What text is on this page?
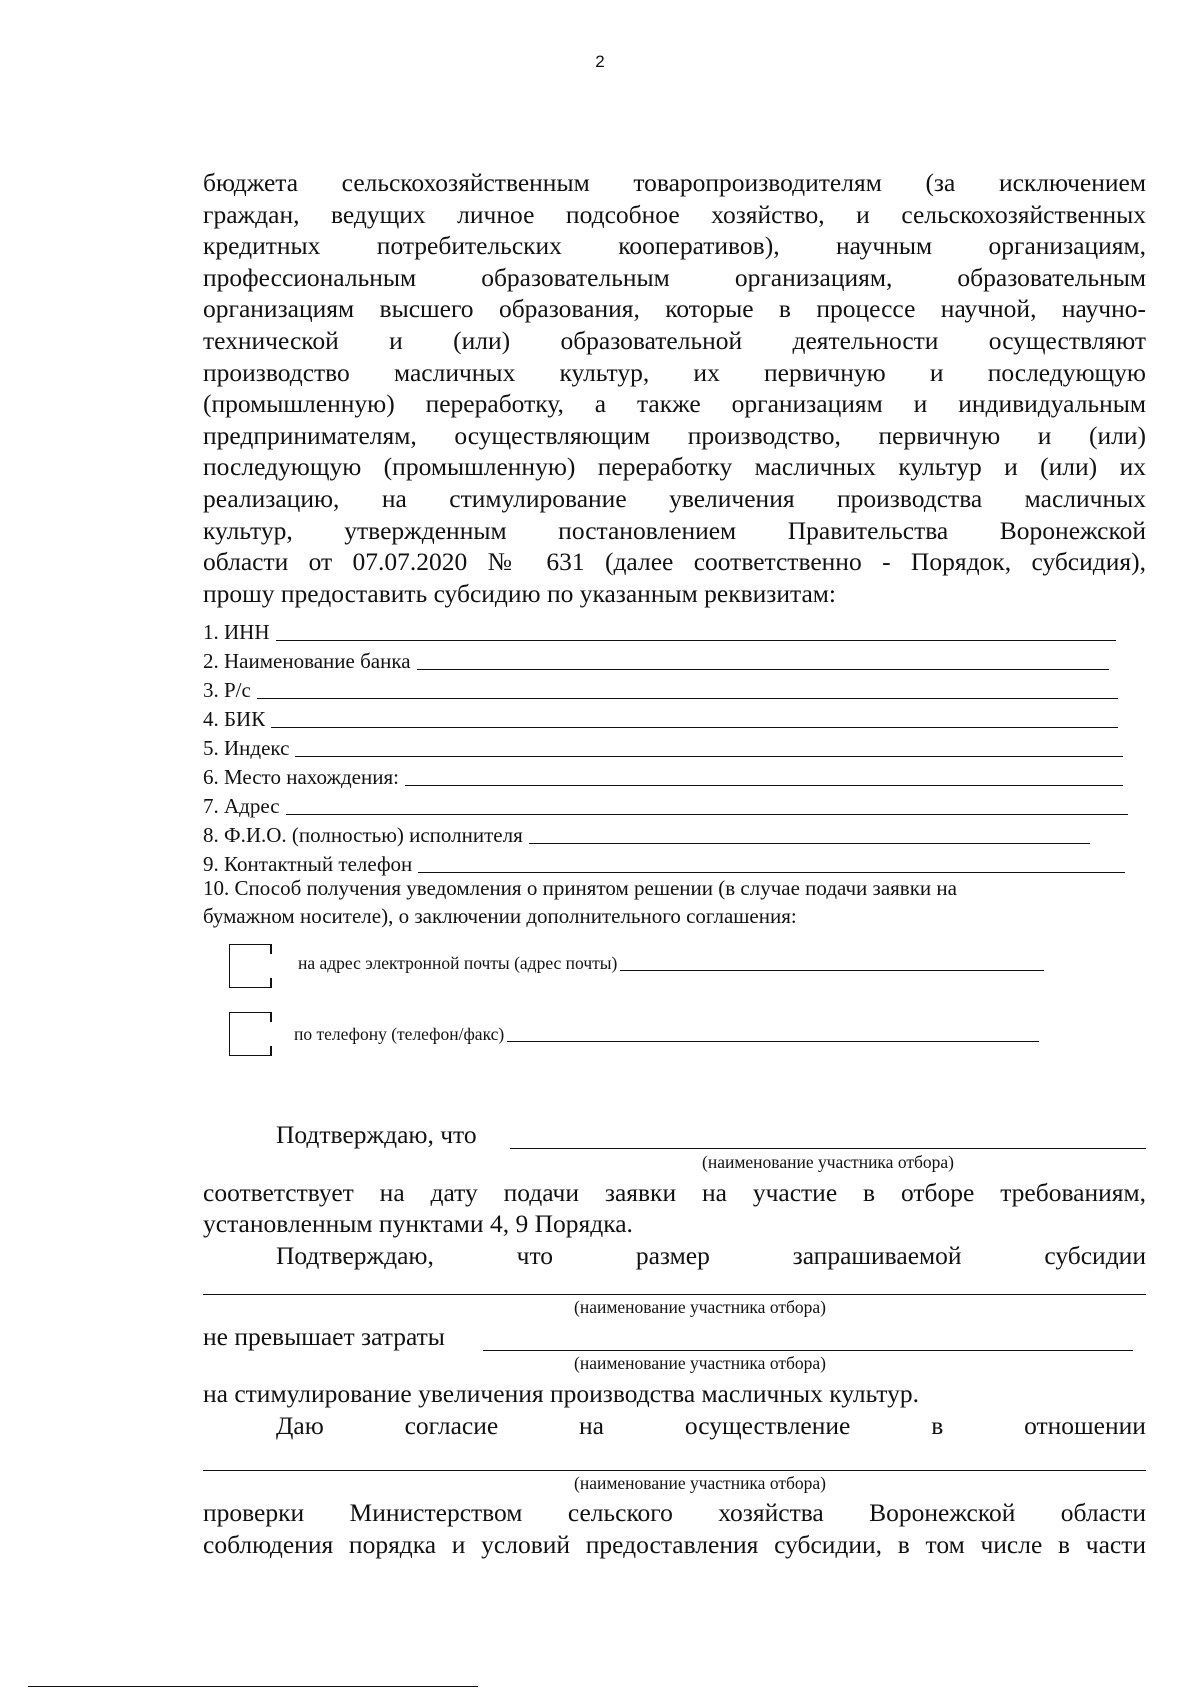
2
бюджета сельскохозяйственным товаропроизводителям (за исключением
граждан, ведущих личное подсобное хозяйство, и сельскохозяйственных
кредитных потребительских кооперативов), научным организациям,
профессиональным образовательным организациям, образовательным
организациям высшего образования, которые в процессе научной, научно-
технической и (или) образовательной деятельности осуществляют
производство масличных культур, их первичную и последующую
(промышленную) переработку, а также организациям и индивидуальным
предпринимателям, осуществляющим производство, первичную и (или)
последующую (промышленную) переработку масличных культур и (или) их
реализацию, на стимулирование увеличения производства масличных
культур, утвержденным постановлением Правительства Воронежской
области от 07.07.2020 № 631 (далее соответственно - Порядок, субсидия),
прошу предоставить субсидию по указанным реквизитам:
1. ИНН
2. Наименование банка
3. Р/с
4. БИК
5. Индекс
6. Место нахождения:
7. Адрес
8. Ф.И.О. (полностью) исполнителя
9. Контактный телефон
10. Способ получения уведомления о принятом решении (в случае подачи заявки на
бумажном носителе), о заключении дополнительного соглашения:
на адрес электронной почты (адрес почты)
по телефону (телефон/факс)
Подтверждаю, что
(наименование участника отбора)
соответствует на дату подачи заявки на участие в отборе требованиям,
установленным пунктами 4, 9 Порядка.
Подтверждаю,	что	размер	запрашиваемой	субсидии
(наименование участника отбора)
не превышает затраты
(наименование участника отбора)
на стимулирование увеличения производства масличных культур.
Даю	согласие	на	осуществление	в	отношении
(наименование участника отбора)
проверки Министерством сельского хозяйства Воронежской области
соблюдения порядка и условий предоставления субсидии, в том числе в части
